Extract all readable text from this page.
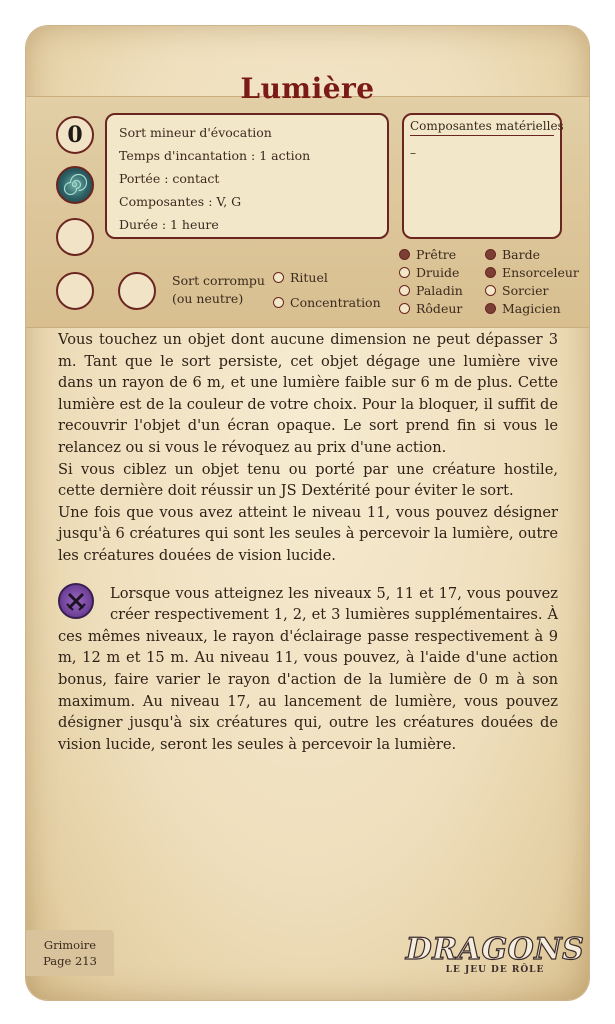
Lumière
0	Sort mineur d'évocation
Temps d'incantation : 1 action
Portée : contact
Composantes : V, G
Durée : 1 heure
Composantes matérielles
–
Sort corrompu
(ou neutre)
Rituel
Concentration
Prêtre	Barde
Druide	Ensorceleur
Paladin	Sorcier
Rôdeur	Magicien

Vous touchez un objet dont aucune dimension ne peut dépasser 3 m. Tant que le sort persiste, cet objet dégage une lumière vive dans un rayon de 6 m, et une lumière faible sur 6 m de plus. Cette lumière est de la couleur de votre choix. Pour la bloquer, il suffit de recouvrir l'objet d'un écran opaque. Le sort prend fin si vous le relancez ou si vous le révoquez au prix d'une action.

Si vous ciblez un objet tenu ou porté par une créature hostile, cette dernière doit réussir un JS Dextérité pour éviter le sort.

Une fois que vous avez atteint le niveau 11, vous pouvez désigner jusqu'à 6 créatures qui sont les seules à percevoir la lumière, outre les créatures douées de vision lucide.

Lorsque vous atteignez les niveaux 5, 11 et 17, vous pouvez créer respectivement 1, 2, et 3 lumières supplémentaires. À ces mêmes niveaux, le rayon d'éclairage passe respectivement à 9 m, 12 m et 15 m. Au niveau 11, vous pouvez, à l'aide d'une action bonus, faire varier le rayon d'action de la lumière de 0 m à son maximum. Au niveau 17, au lancement de lumière, vous pouvez désigner jusqu'à six créatures qui, outre les créatures douées de vision lucide, seront les seules à percevoir la lumière.

Grimoire
Page 213	DRAGONS
LE JEU DE RÔLE
